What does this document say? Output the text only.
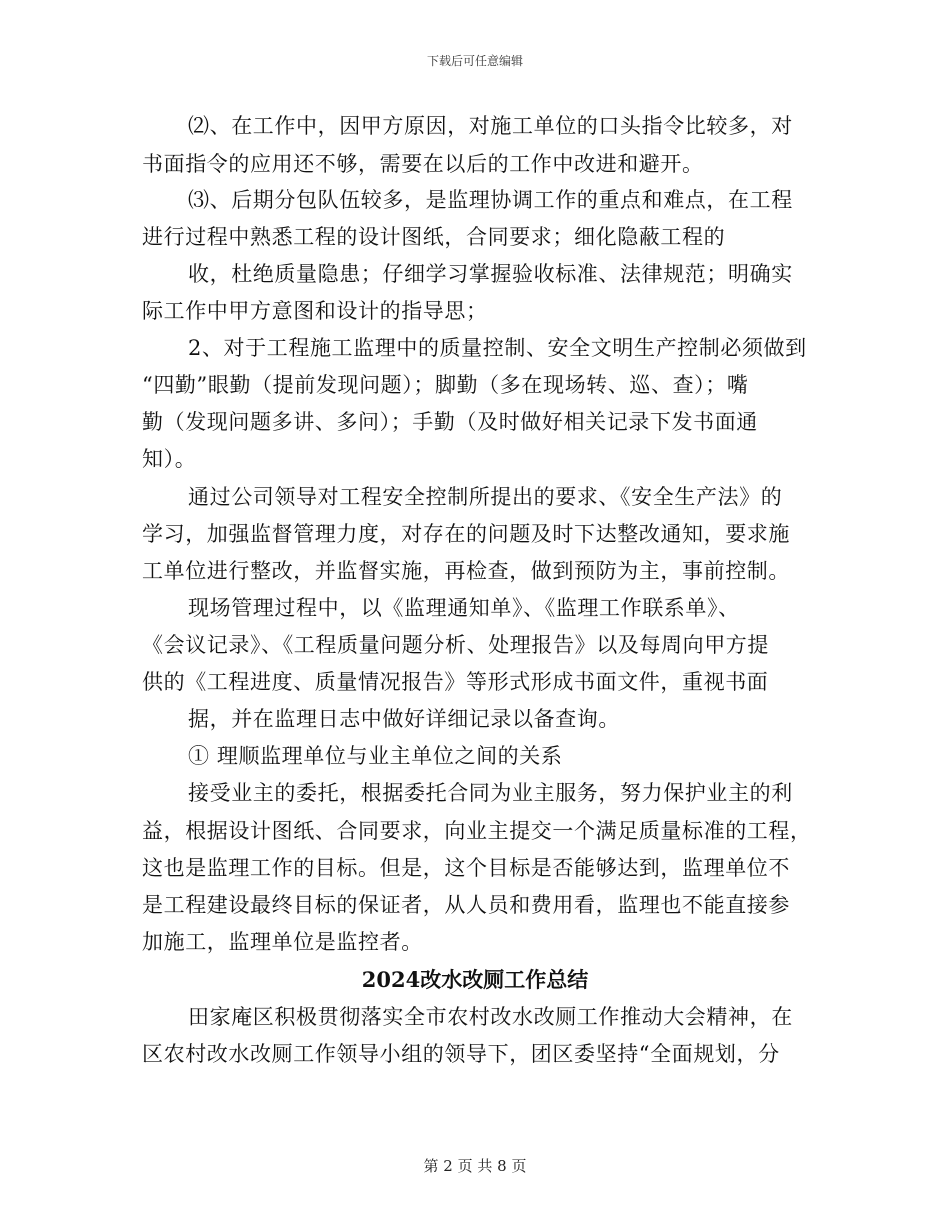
下载后可任意编辑
⑵、在工作中，因甲方原因，对施工单位的口头指令比较多，对
书面指令的应用还不够，需要在以后的工作中改进和避开。
⑶、后期分包队伍较多，是监理协调工作的重点和难点，在工程
进行过程中熟悉工程的设计图纸，合同要求；细化隐蔽工程的
收，杜绝质量隐患；仔细学习掌握验收标准、法律规范；明确实
际工作中甲方意图和设计的指导思；
2、对于工程施工监理中的质量控制、安全文明生产控制必须做到
“四勤”眼勤（提前发现问题）；脚勤（多在现场转、巡、查）；嘴
勤（发现问题多讲、多问）；手勤（及时做好相关记录下发书面通
知）。
通过公司领导对工程安全控制所提出的要求、《安全生产法》的
学习，加强监督管理力度，对存在的问题及时下达整改通知，要求施
工单位进行整改，并监督实施，再检查，做到预防为主，事前控制。
现场管理过程中，以《监理通知单》、《监理工作联系单》、
《会议记录》、《工程质量问题分析、处理报告》以及每周向甲方提
供的《工程进度、质量情况报告》等形式形成书面文件，重视书面
据，并在监理日志中做好详细记录以备查询。
① 理顺监理单位与业主单位之间的关系
接受业主的委托，根据委托合同为业主服务，努力保护业主的利
益，根据设计图纸、合同要求，向业主提交一个满足质量标准的工程，
这也是监理工作的目标。但是，这个目标是否能够达到，监理单位不
是工程建设最终目标的保证者，从人员和费用看，监理也不能直接参
加施工，监理单位是监控者。
2024改水改厕工作总结
田家庵区积极贯彻落实全市农村改水改厕工作推动大会精神，在
区农村改水改厕工作领导小组的领导下，团区委坚持“全面规划，分
第 2 页 共 8 页
